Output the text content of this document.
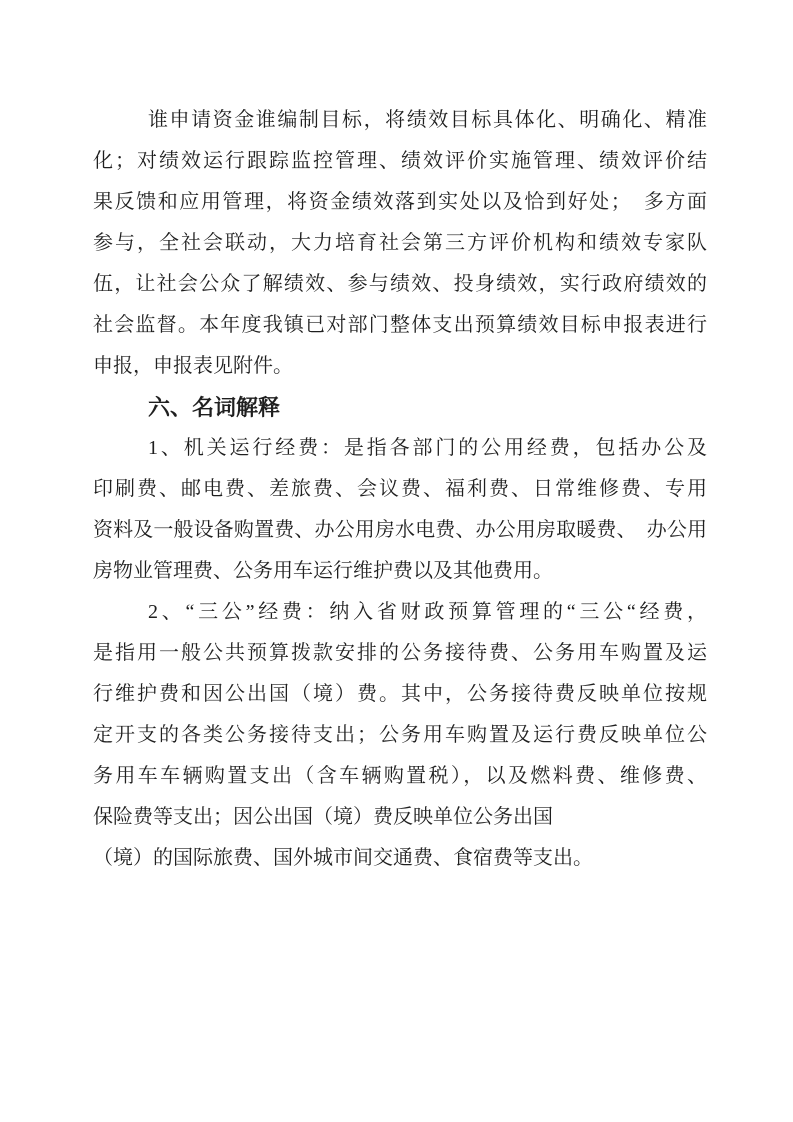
谁申请资金谁编制目标，将绩效目标具体化、明确化、精准
化；对绩效运行跟踪监控管理、绩效评价实施管理、绩效评价结
果反馈和应用管理，将资金绩效落到实处以及恰到好处；　多方面
参与，全社会联动，大力培育社会第三方评价机构和绩效专家队
伍，让社会公众了解绩效、参与绩效、投身绩效，实行政府绩效的
社会监督。本年度我镇已对部门整体支出预算绩效目标申报表进行
申报，申报表见附件。
六、名词解释
1、机关运行经费：是指各部门的公用经费，包括办公及
印刷费、邮电费、差旅费、会议费、福利费、日常维修费、专用
资料及一般设备购置费、办公用房水电费、办公用房取暖费、　办公用
房物业管理费、公务用车运行维护费以及其他费用。
2、“三公”经费：纳入省财政预算管理的“三公“经费，
是指用一般公共预算拨款安排的公务接待费、公务用车购置及运
行维护费和因公出国（境）费。其中，公务接待费反映单位按规
定开支的各类公务接待支出；公务用车购置及运行费反映单位公
务用车车辆购置支出（含车辆购置税），以及燃料费、维修费、
保险费等支出；因公出国（境）费反映单位公务出国
（境）的国际旅费、国外城市间交通费、食宿费等支出。
